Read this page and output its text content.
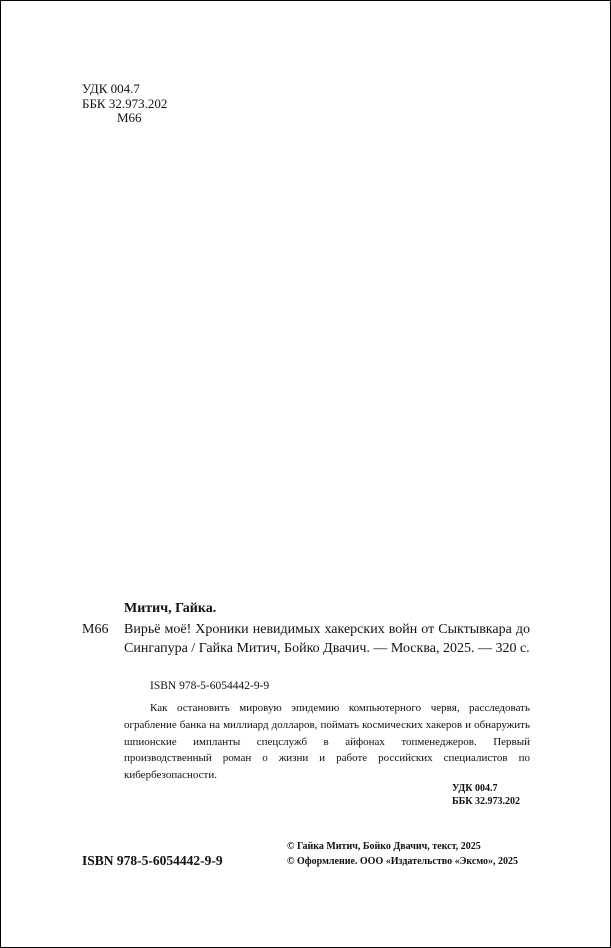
УДК 004.7
ББК 32.973.202
М66
Митич, Гайка.
М66 Вирьё моё! Хроники невидимых хакерских войн от Сыктывкара до Сингапура / Гайка Митич, Бойко Двачич. — Москва, 2025. — 320 с.
ISBN 978-5-6054442-9-9
Как остановить мировую эпидемию компьютерного червя, расследовать ограбление банка на миллиард долларов, поймать космических хакеров и обнаружить шпионские импланты спецслужб в айфонах топменеджеров. Первый производственный роман о жизни и работе российских специалистов по кибербезопасности.
УДК 004.7
ББК 32.973.202
ISBN 978-5-6054442-9-9
© Гайка Митич, Бойко Двачич, текст, 2025
© Оформление. ООО «Издательство «Эксмо», 2025
